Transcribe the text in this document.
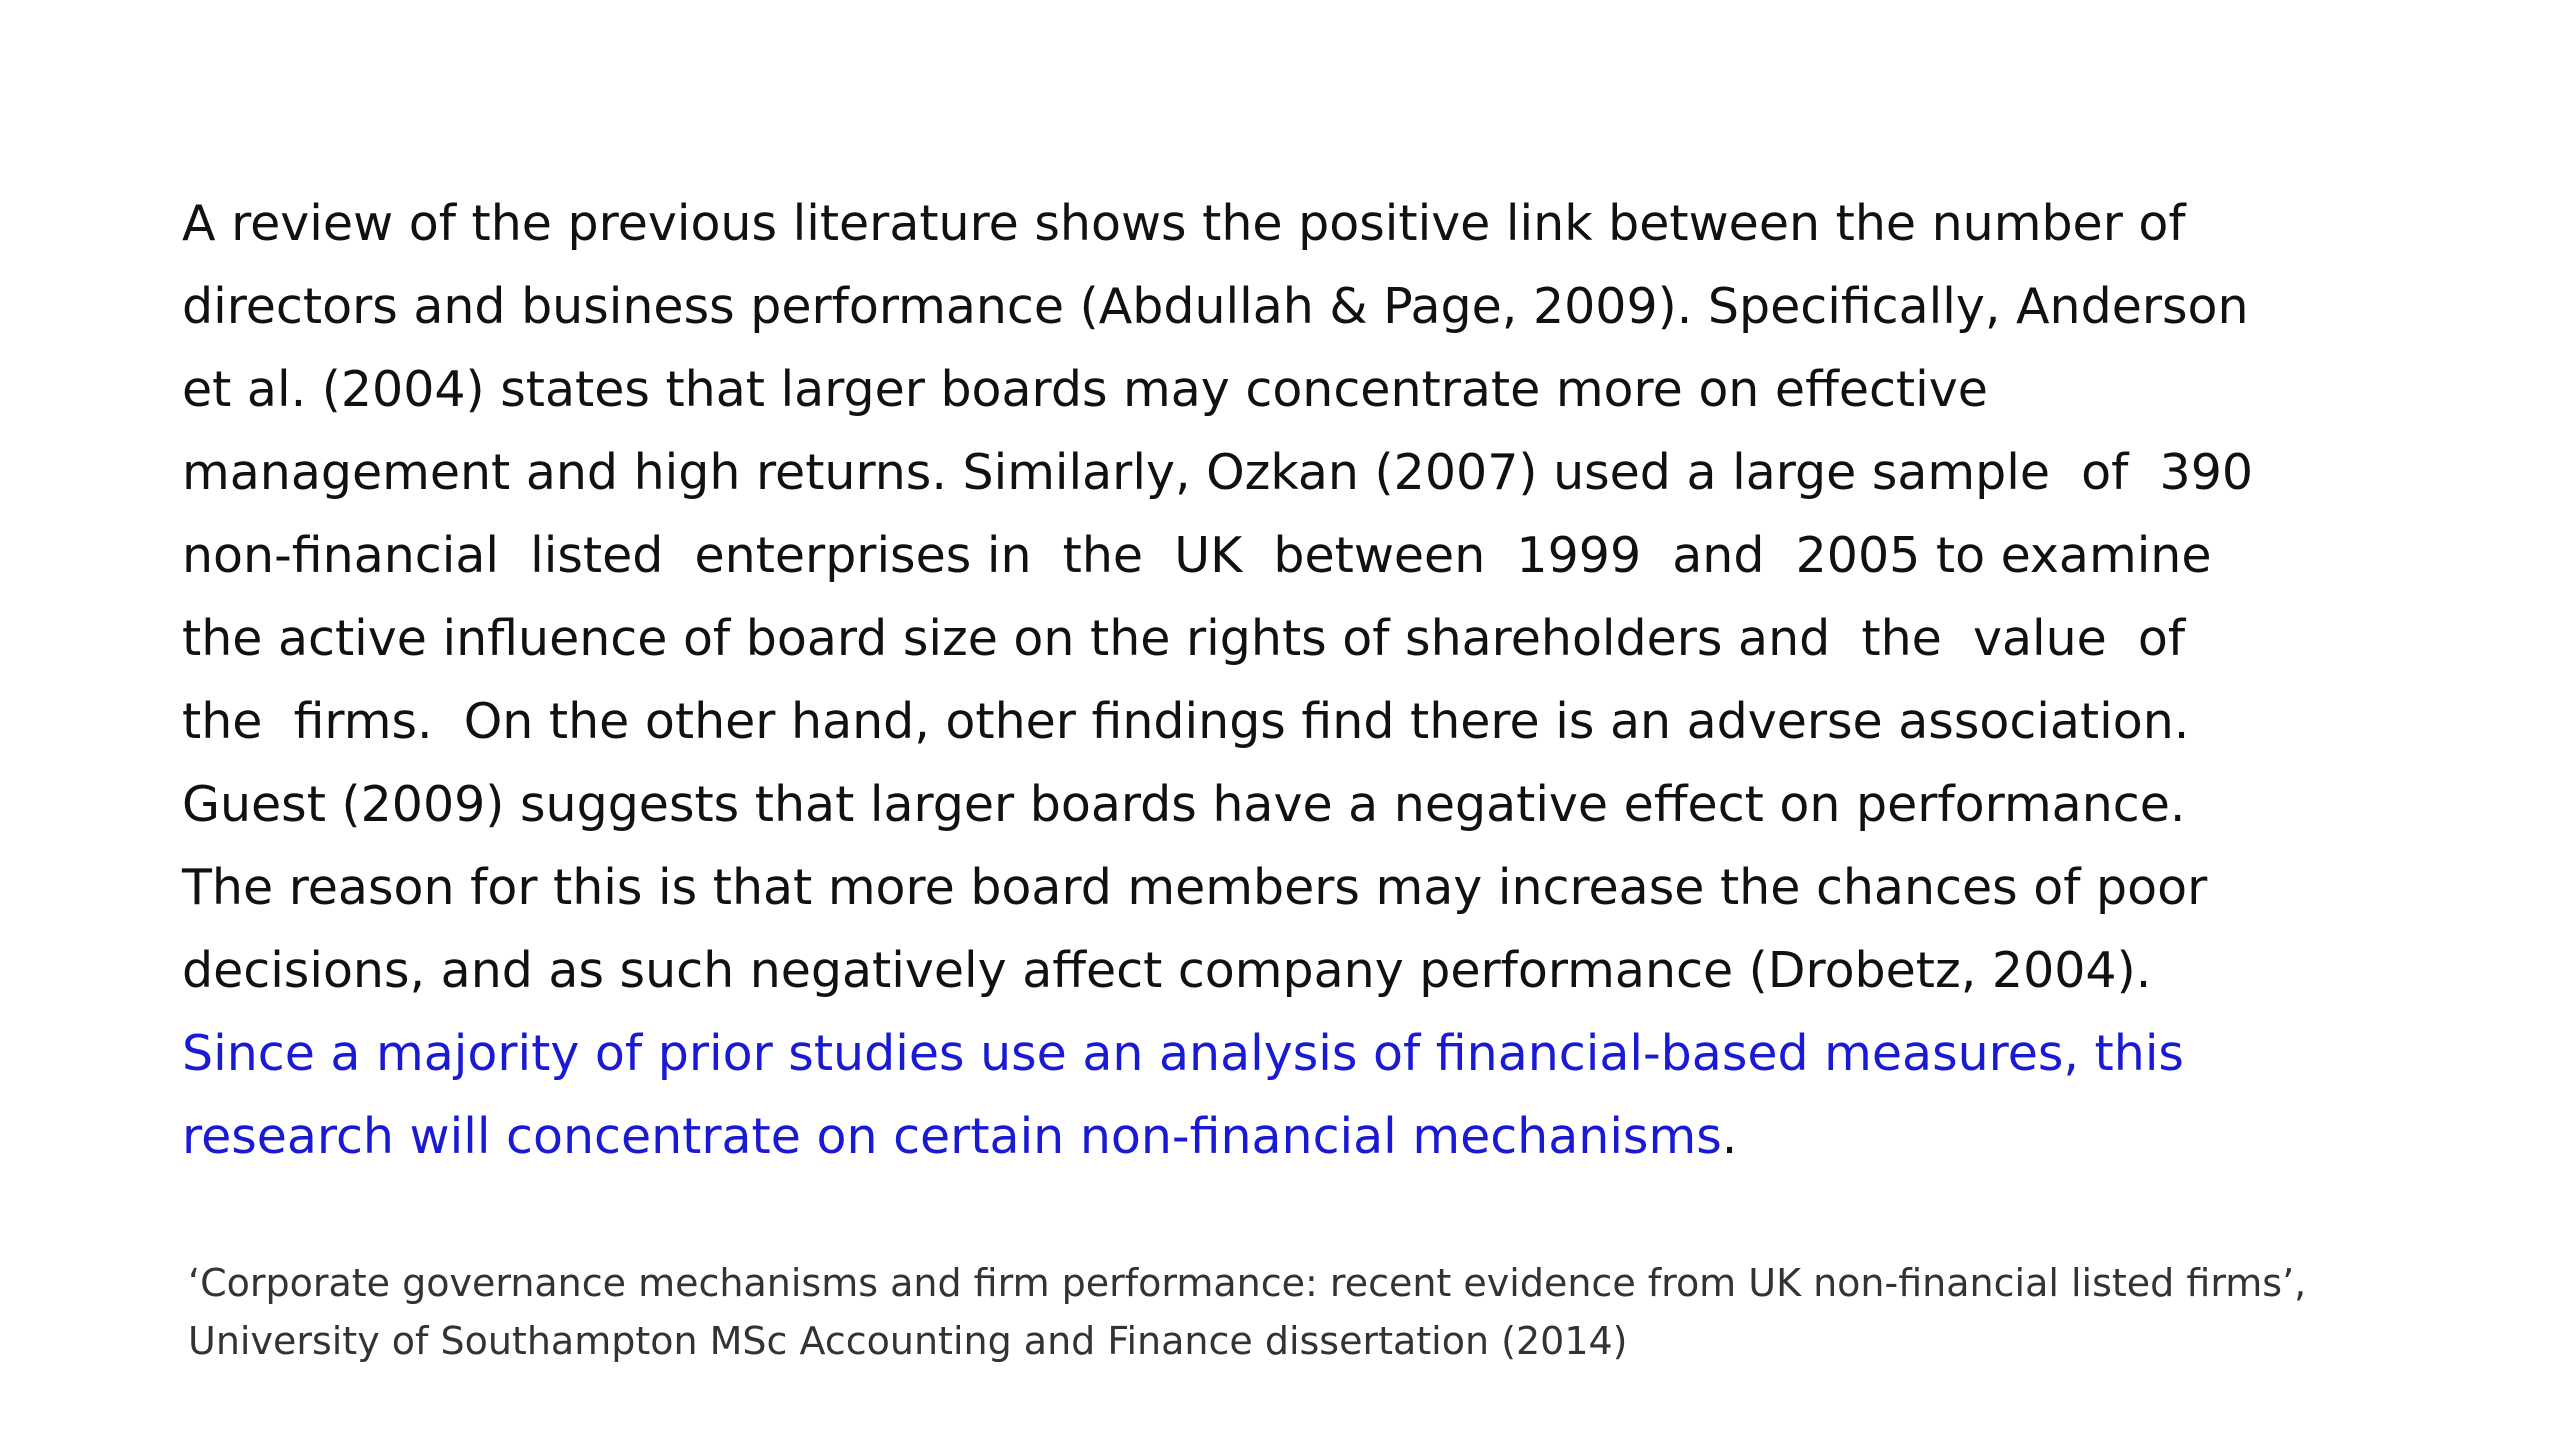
A review of the previous literature shows the positive link between the number of
directors and business performance (Abdullah & Page, 2009). Specifically, Anderson
et al. (2004) states that larger boards may concentrate more on effective
management and high returns. Similarly, Ozkan (2007) used a large sample  of  390
non-financial  listed  enterprises in  the  UK  between  1999  and  2005 to examine
the active influence of board size on the rights of shareholders and  the  value  of
the  firms.  On the other hand, other findings find there is an adverse association.
Guest (2009) suggests that larger boards have a negative effect on performance.
The reason for this is that more board members may increase the chances of poor
decisions, and as such negatively affect company performance (Drobetz, 2004).
Since a majority of prior studies use an analysis of financial-based measures, this
research will concentrate on certain non-financial mechanisms.
‘Corporate governance mechanisms and firm performance: recent evidence from UK non-financial listed firms’,
University of Southampton MSc Accounting and Finance dissertation (2014)
